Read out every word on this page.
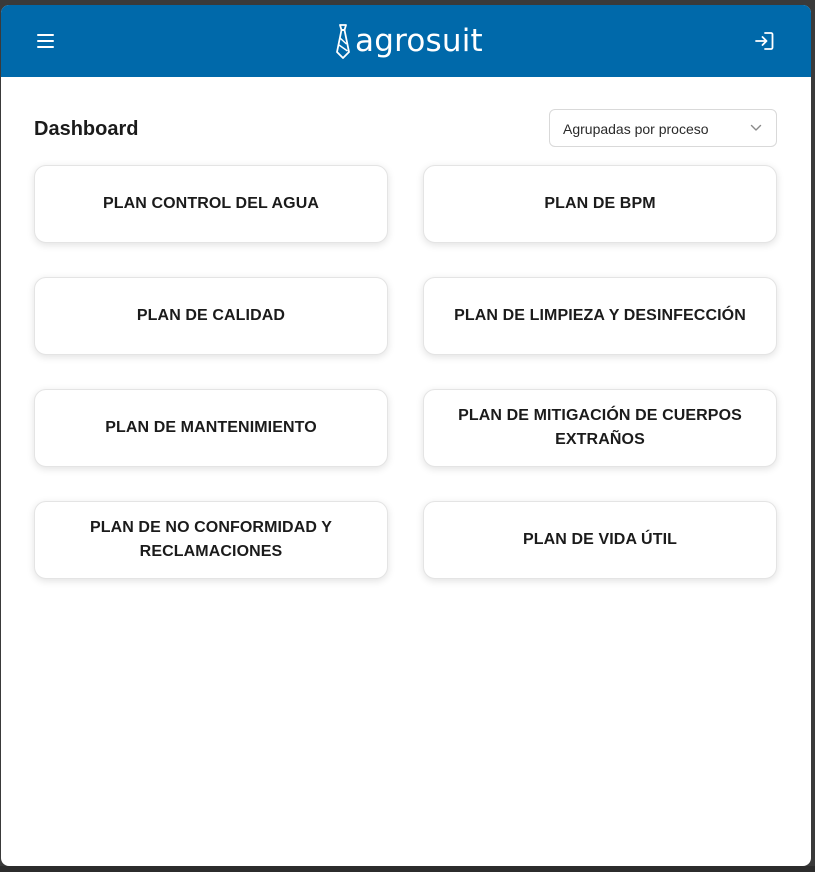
agrosuit
Dashboard	Agrupadas por proceso
PLAN CONTROL DEL AGUA	PLAN DE BPM
PLAN DE CALIDAD	PLAN DE LIMPIEZA Y DESINFECCIÓN
PLAN DE MANTENIMIENTO
PLAN DE MITIGACIÓN DE CUERPOS EXTRAÑOS
PLAN DE NO CONFORMIDAD Y RECLAMACIONES
PLAN DE VIDA ÚTIL
